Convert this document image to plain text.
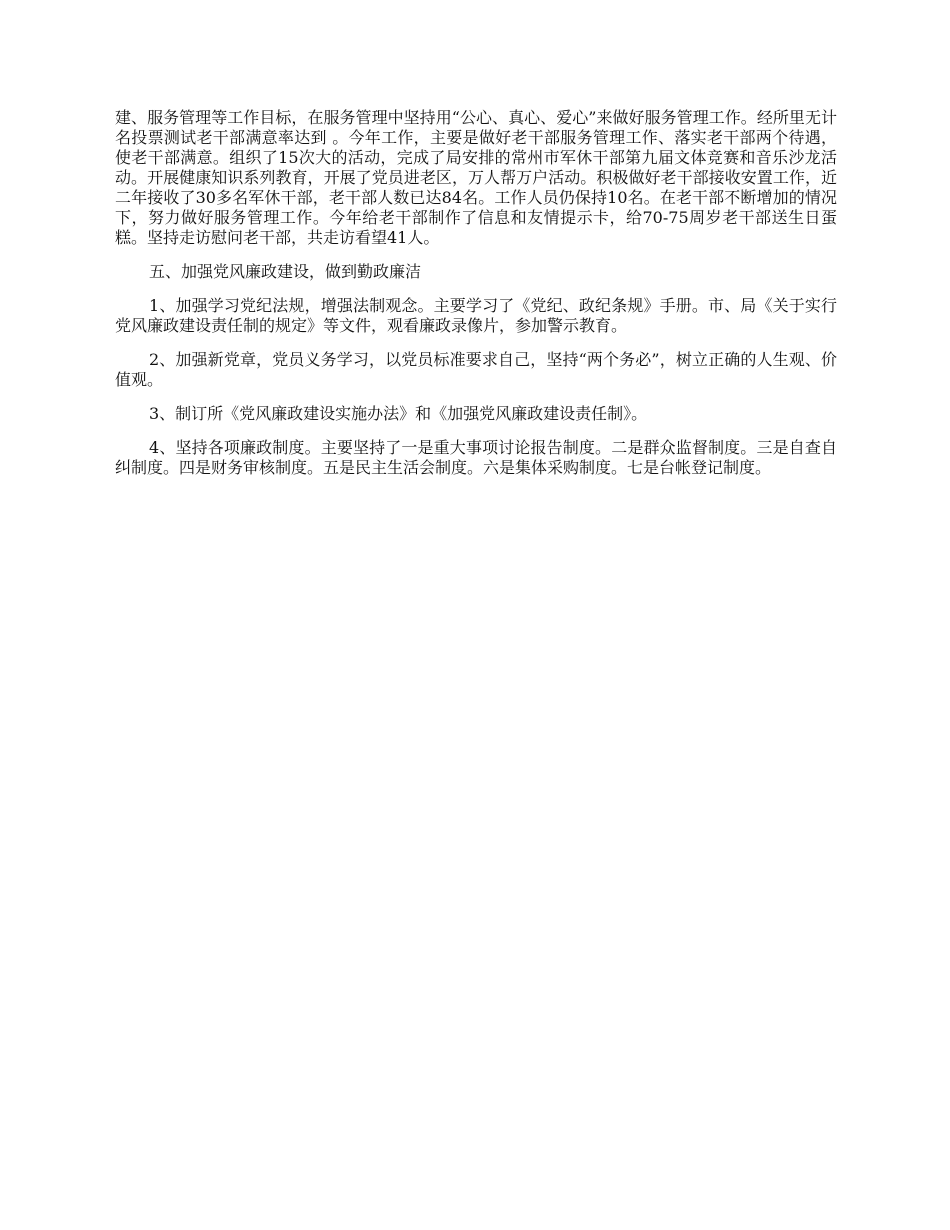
建、服务管理等工作目标，在服务管理中坚持用“公心、真心、爱心”来做好服务管理工作。经所里无计名投票测试老干部满意率达到 。今年工作，主要是做好老干部服务管理工作、落实老干部两个待遇，使老干部满意。组织了15次大的活动，完成了局安排的常州市军休干部第九届文体竞赛和音乐沙龙活动。开展健康知识系列教育，开展了党员进老区，万人帮万户活动。积极做好老干部接收安置工作，近二年接收了30多名军休干部，老干部人数已达84名。工作人员仍保持10名。在老干部不断增加的情况下，努力做好服务管理工作。今年给老干部制作了信息和友情提示卡，给70-75周岁老干部送生日蛋糕。坚持走访慰问老干部，共走访看望41人。

五、加强党风廉政建设，做到勤政廉洁

1、加强学习党纪法规，增强法制观念。主要学习了《党纪、政纪条规》手册。市、局《关于实行党风廉政建设责任制的规定》等文件，观看廉政录像片，参加警示教育。

2、加强新党章，党员义务学习，以党员标准要求自己，坚持“两个务必”，树立正确的人生观、价值观。

3、制订所《党风廉政建设实施办法》和《加强党风廉政建设责任制》。

4、坚持各项廉政制度。主要坚持了一是重大事项讨论报告制度。二是群众监督制度。三是自查自纠制度。四是财务审核制度。五是民主生活会制度。六是集体采购制度。七是台帐登记制度。
